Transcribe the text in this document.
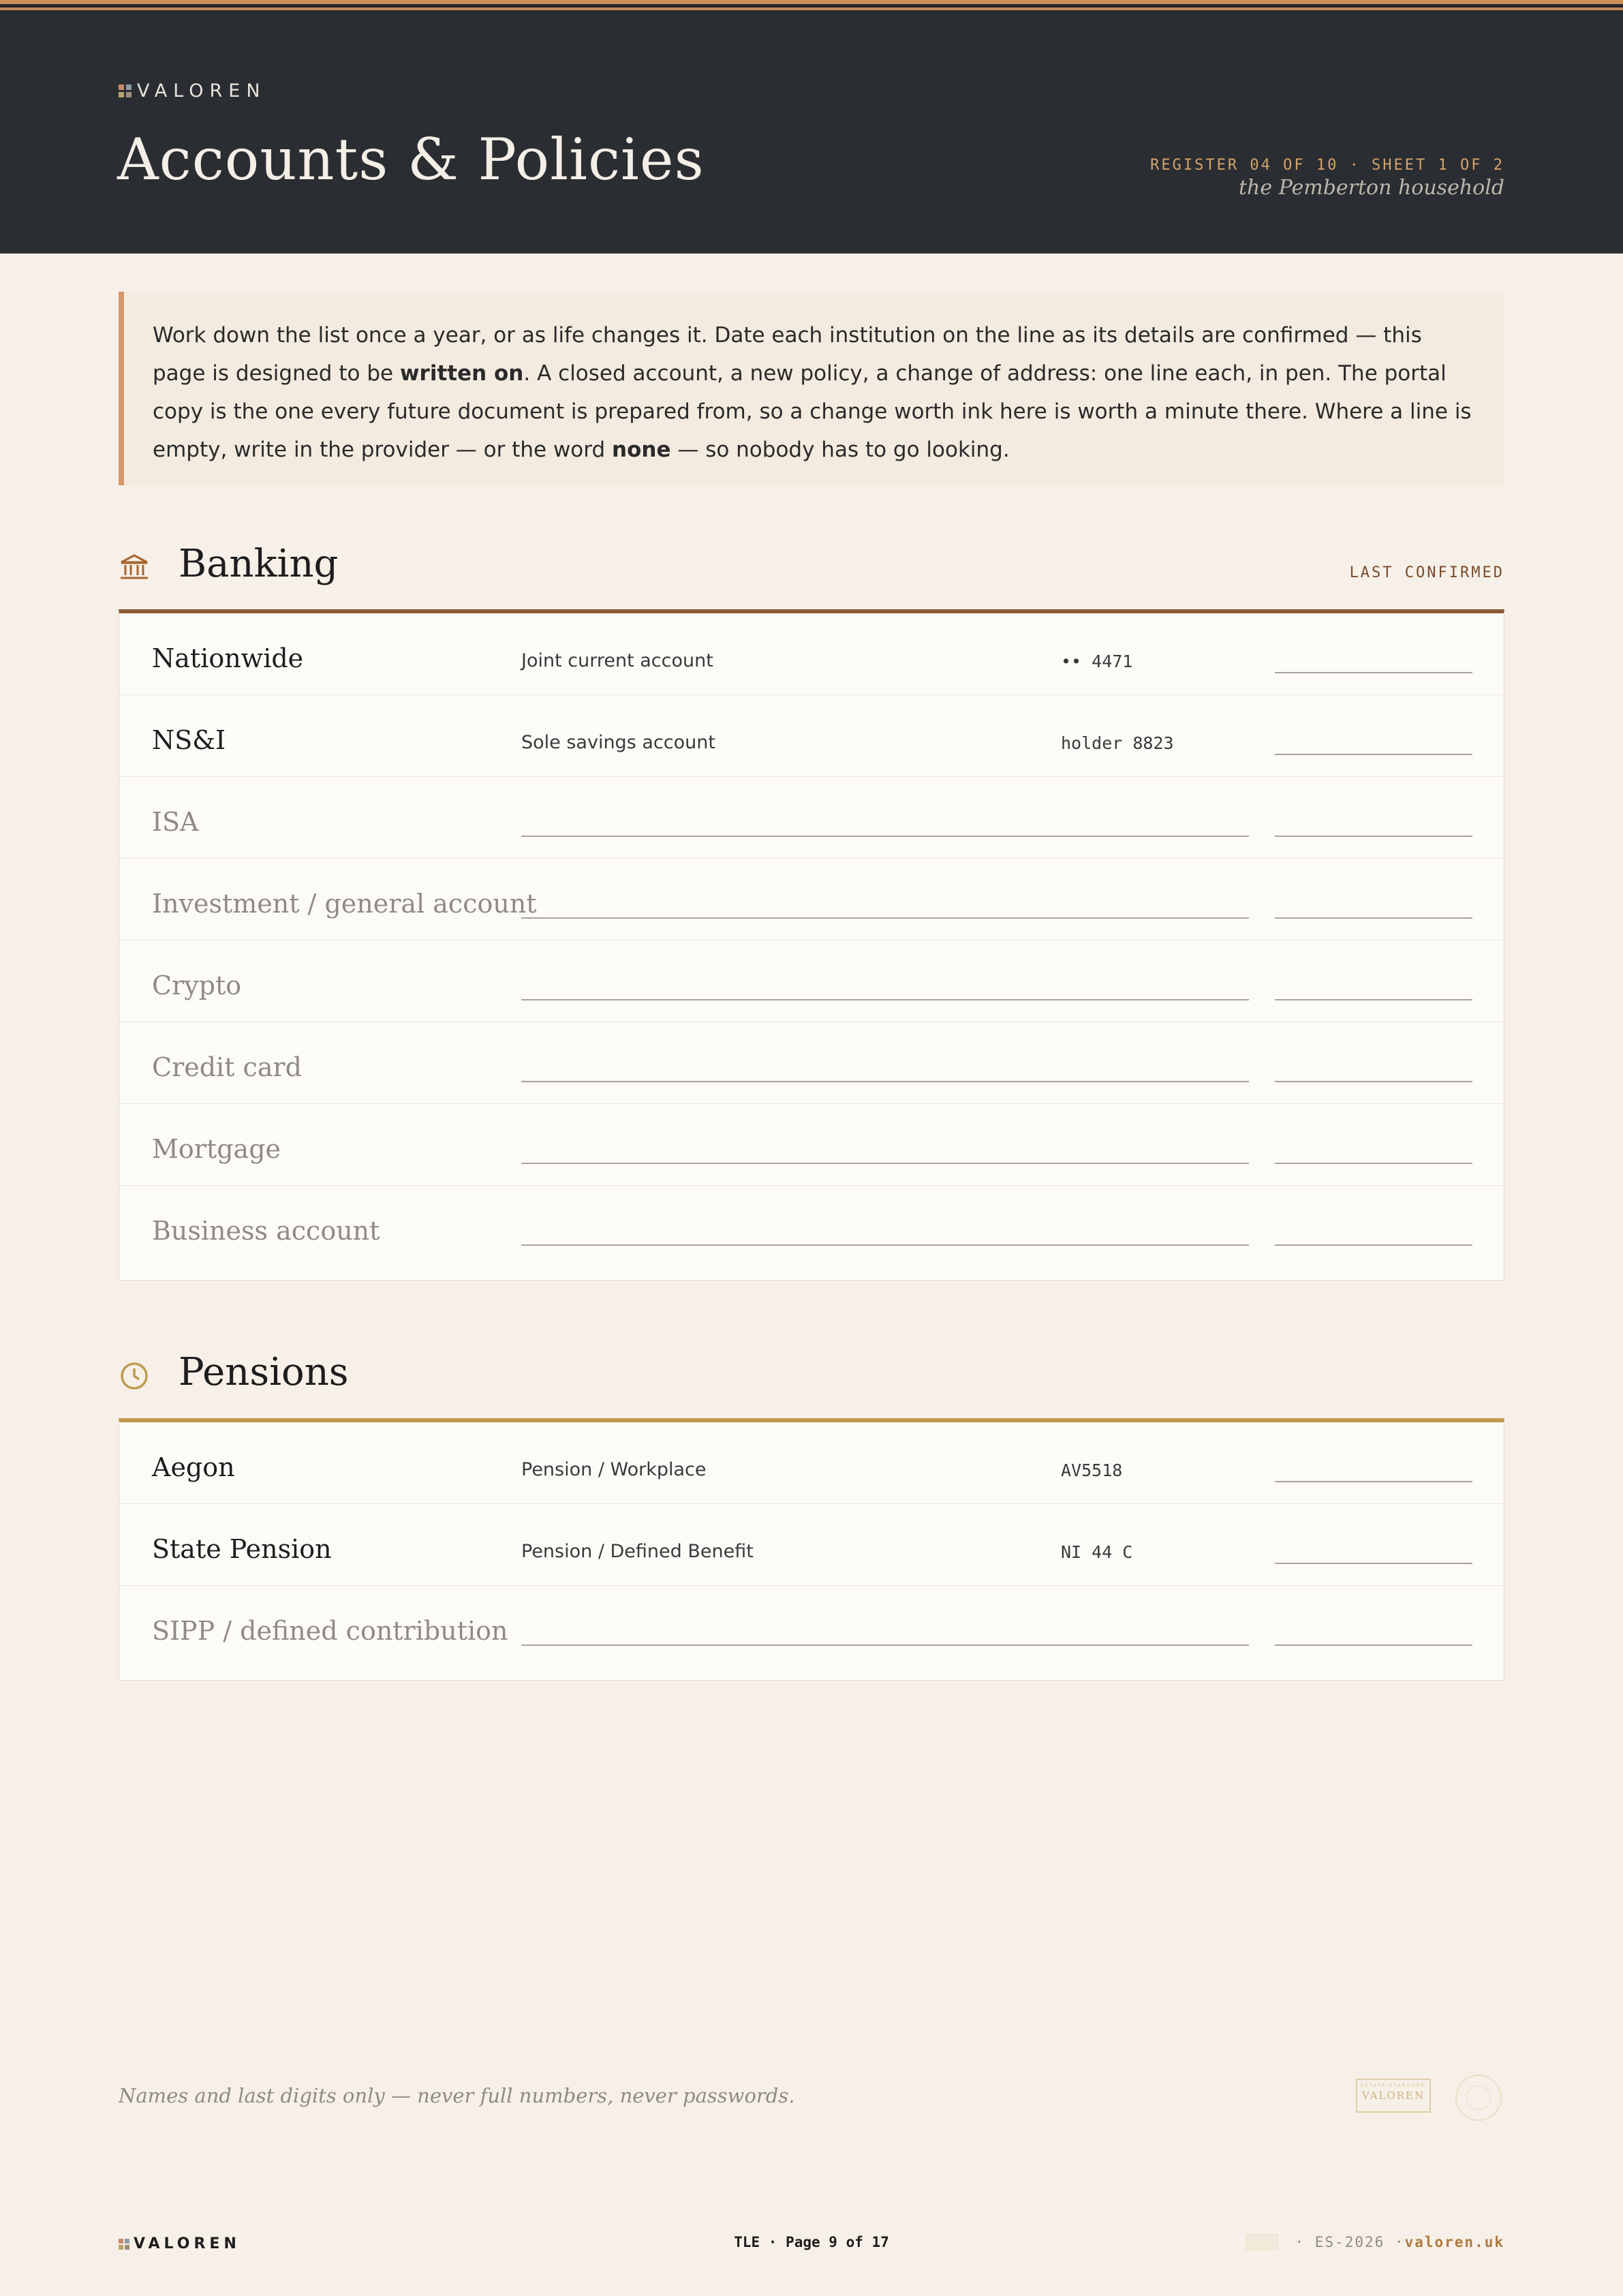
VALOREN
Accounts & Policies	REGISTER 04 OF 10 · SHEET 1 OF 2
the Pemberton household
Work down the list once a year, or as life changes it. Date each institution on the line as its details are confirmed — this page is designed to be written on. A closed account, a new policy, a change of address: one line each, in pen. The portal copy is the one every future document is prepared from, so a change worth ink here is worth a minute there. Where a line is empty, write in the provider — or the word none — so nobody has to go looking.
Banking	LAST CONFIRMED
Nationwide	Joint current account	•• 4471
NS&I	Sole savings account	holder 8823
ISA
Investment / general account
Crypto
Credit card
Mortgage
Business account
Pensions
Aegon	Pension / Workplace	AV5518
State Pension	Pension / Defined Benefit	NI 44 C
SIPP / defined contribution
Names and last digits only — never full numbers, never passwords.	ESTATE STANDARD
VALOREN
VALOREN	TLE · Page 9 of 17	· ES-2026 · valoren.uk
